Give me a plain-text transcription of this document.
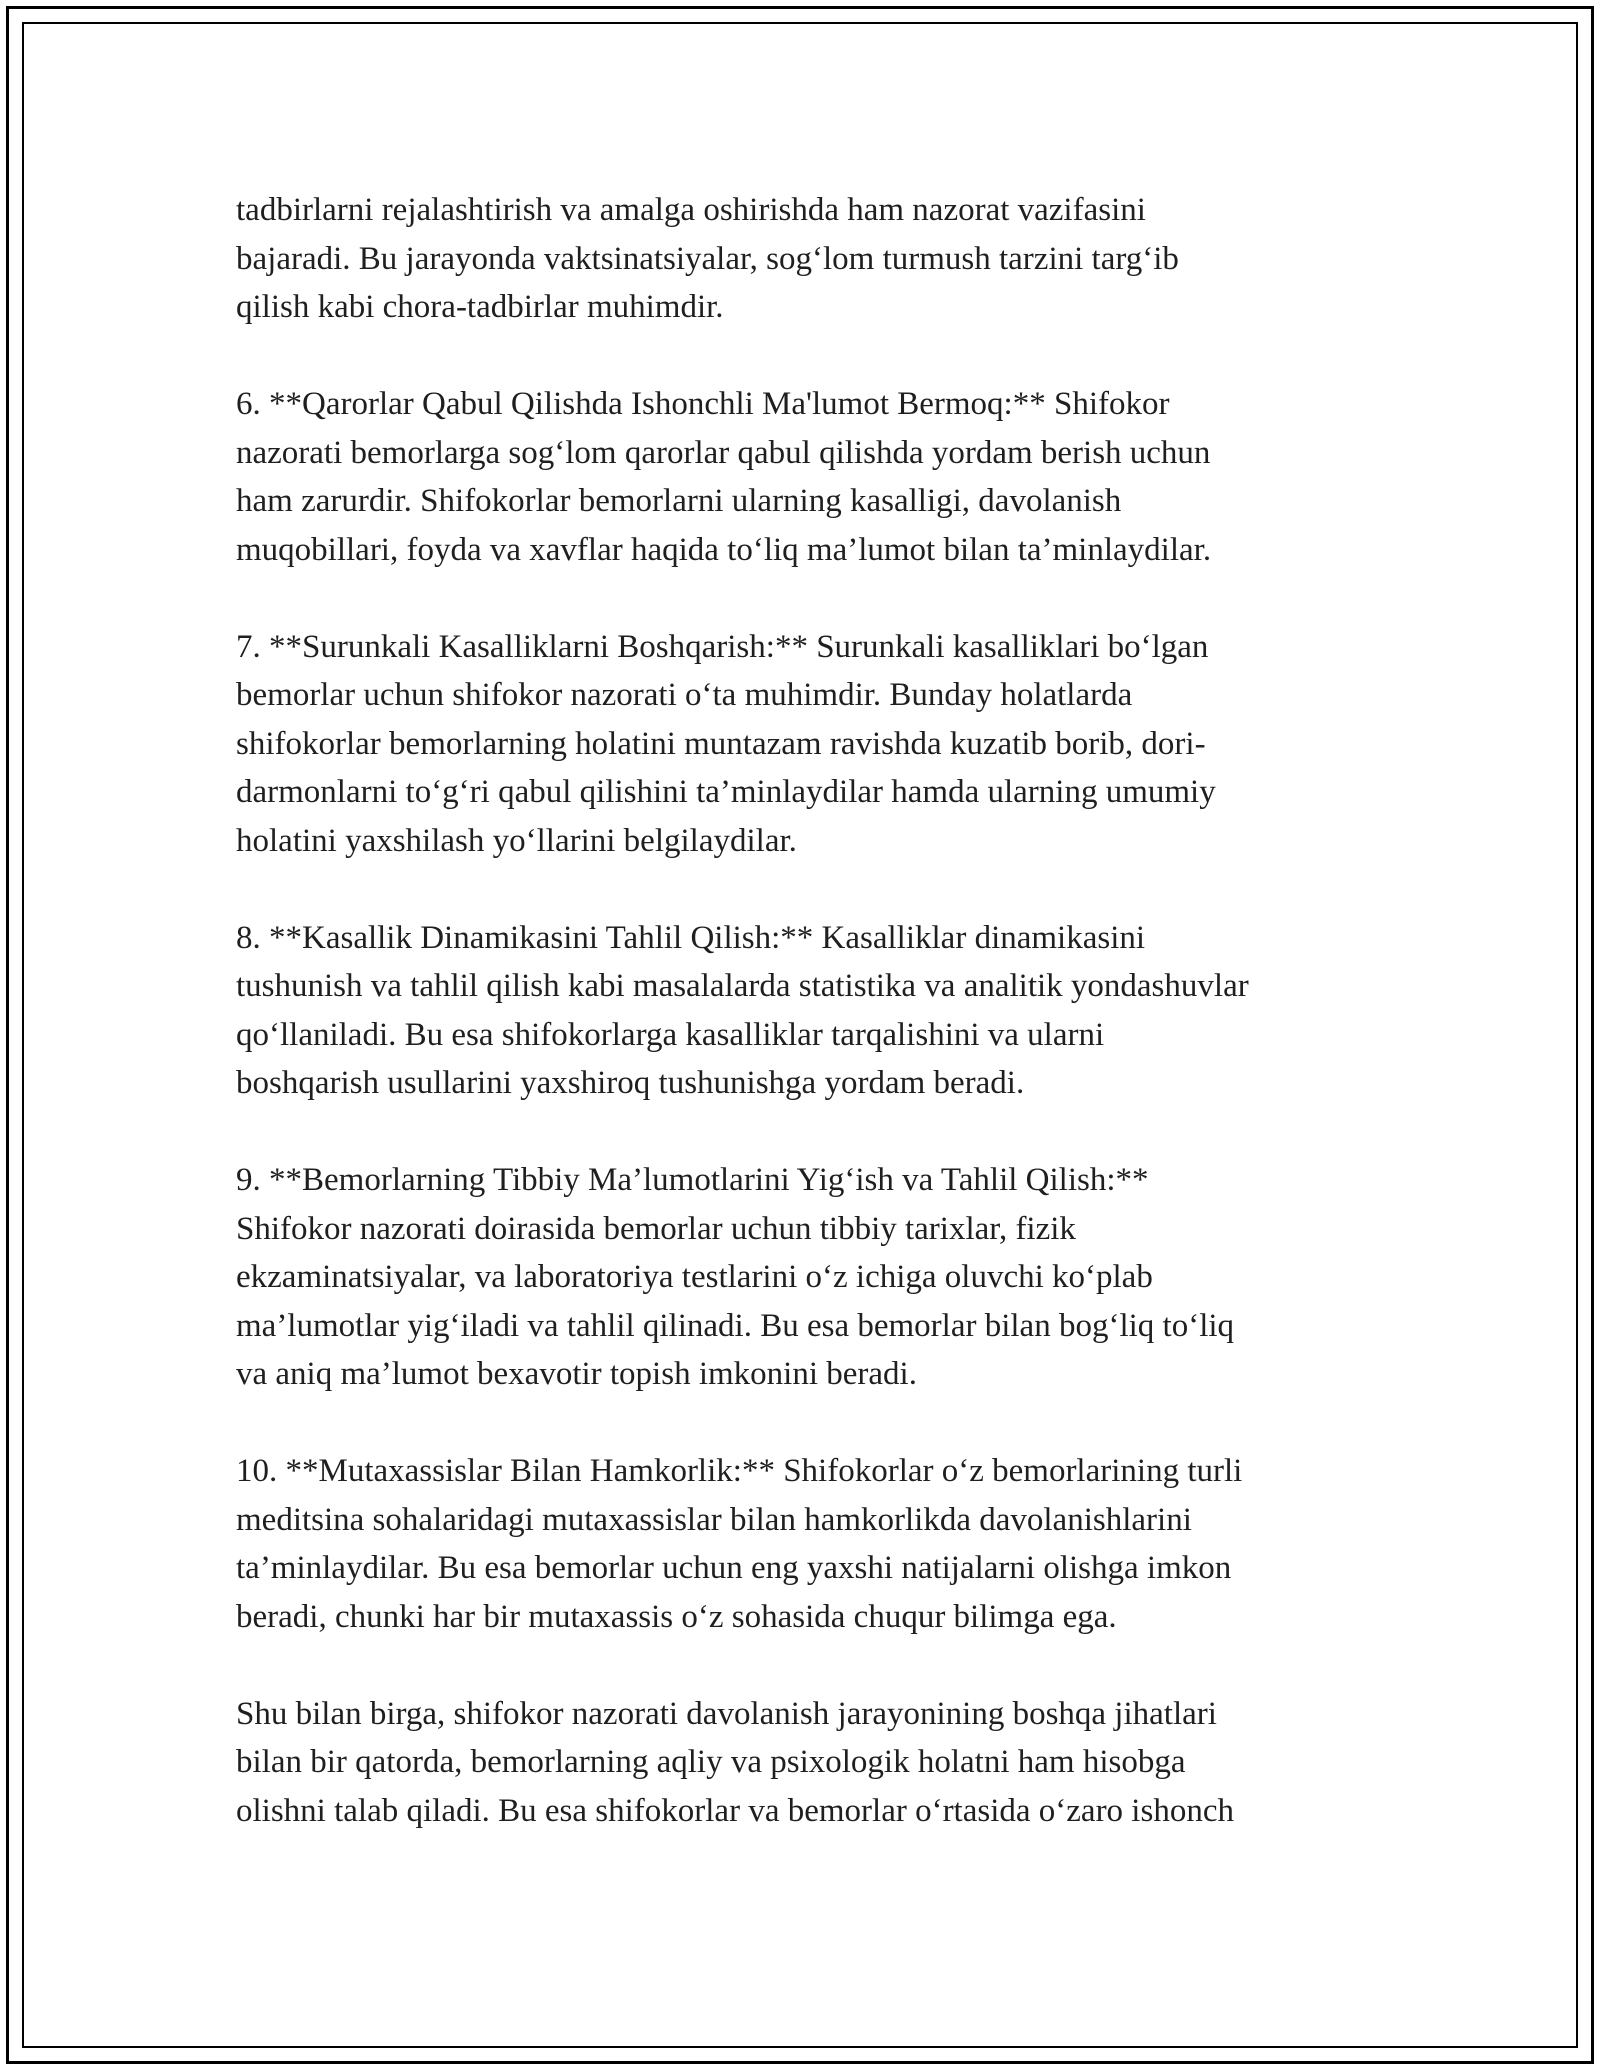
tadbirlarni rejalashtirish va amalga oshirishda ham nazorat vazifasini
bajaradi. Bu jarayonda vaktsinatsiyalar, sog‘lom turmush tarzini targ‘ib
qilish kabi chora-tadbirlar muhimdir.

6. **Qarorlar Qabul Qilishda Ishonchli Ma'lumot Bermoq:** Shifokor
nazorati bemorlarga sog‘lom qarorlar qabul qilishda yordam berish uchun
ham zarurdir. Shifokorlar bemorlarni ularning kasalligi, davolanish
muqobillari, foyda va xavflar haqida to‘liq ma’lumot bilan ta’minlaydilar.

7. **Surunkali Kasalliklarni Boshqarish:** Surunkali kasalliklari bo‘lgan
bemorlar uchun shifokor nazorati o‘ta muhimdir. Bunday holatlarda
shifokorlar bemorlarning holatini muntazam ravishda kuzatib borib, dori-
darmonlarni to‘g‘ri qabul qilishini ta’minlaydilar hamda ularning umumiy
holatini yaxshilash yo‘llarini belgilaydilar.

8. **Kasallik Dinamikasini Tahlil Qilish:** Kasalliklar dinamikasini
tushunish va tahlil qilish kabi masalalarda statistika va analitik yondashuvlar
qo‘llaniladi. Bu esa shifokorlarga kasalliklar tarqalishini va ularni
boshqarish usullarini yaxshiroq tushunishga yordam beradi.

9. **Bemorlarning Tibbiy Ma’lumotlarini Yig‘ish va Tahlil Qilish:**
Shifokor nazorati doirasida bemorlar uchun tibbiy tarixlar, fizik
ekzaminatsiyalar, va laboratoriya testlarini o‘z ichiga oluvchi ko‘plab
ma’lumotlar yig‘iladi va tahlil qilinadi. Bu esa bemorlar bilan bog‘liq to‘liq
va aniq ma’lumot bexavotir topish imkonini beradi.

10. **Mutaxassislar Bilan Hamkorlik:** Shifokorlar o‘z bemorlarining turli
meditsina sohalaridagi mutaxassislar bilan hamkorlikda davolanishlarini
ta’minlaydilar. Bu esa bemorlar uchun eng yaxshi natijalarni olishga imkon
beradi, chunki har bir mutaxassis o‘z sohasida chuqur bilimga ega.

Shu bilan birga, shifokor nazorati davolanish jarayonining boshqa jihatlari
bilan bir qatorda, bemorlarning aqliy va psixologik holatni ham hisobga
olishni talab qiladi. Bu esa shifokorlar va bemorlar o‘rtasida o‘zaro ishonch
